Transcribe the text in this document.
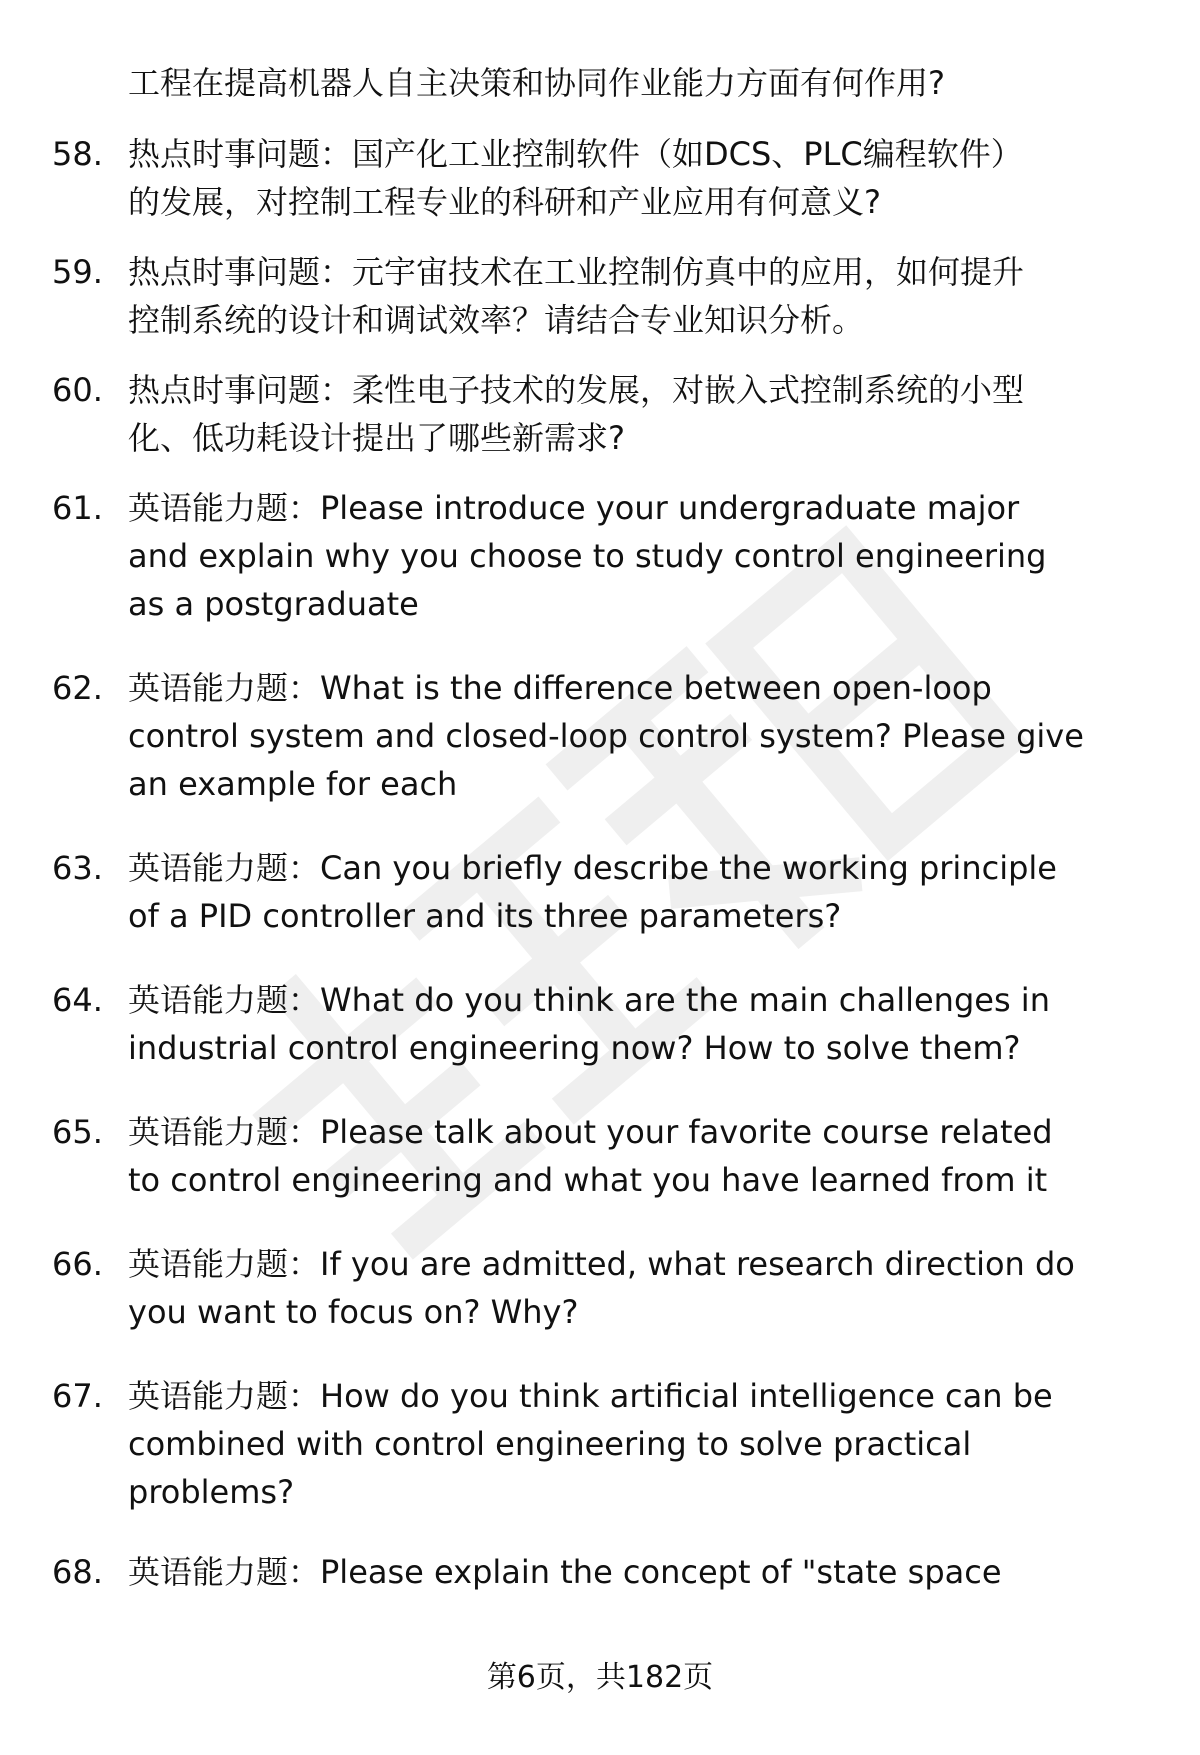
工程在提高机器人自主决策和协同作业能力方面有何作用?
58. 热点时事问题：国产化工业控制软件（如DCS、PLC编程软件）
的发展，对控制工程专业的科研和产业应用有何意义?
59. 热点时事问题：元宇宙技术在工业控制仿真中的应用，如何提升
控制系统的设计和调试效率？请结合专业知识分析。
60. 热点时事问题：柔性电子技术的发展，对嵌入式控制系统的小型
化、低功耗设计提出了哪些新需求?
61. 英语能力题：Please introduce your undergraduate major
and explain why you choose to study control engineering
as a postgraduate
62. 英语能力题：What is the difference between open-loop
control system and closed-loop control system? Please give
an example for each
63. 英语能力题：Can you briefly describe the working principle
of a PID controller and its three parameters?
64. 英语能力题：What do you think are the main challenges in
industrial control engineering now? How to solve them?
65. 英语能力题：Please talk about your favorite course related
to control engineering and what you have learned from it
66. 英语能力题：If you are admitted, what research direction do
you want to focus on? Why?
67. 英语能力题：How do you think artificial intelligence can be
combined with control engineering to solve practical
problems?
68. 英语能力题：Please explain the concept of "state space
第6页，共182页
